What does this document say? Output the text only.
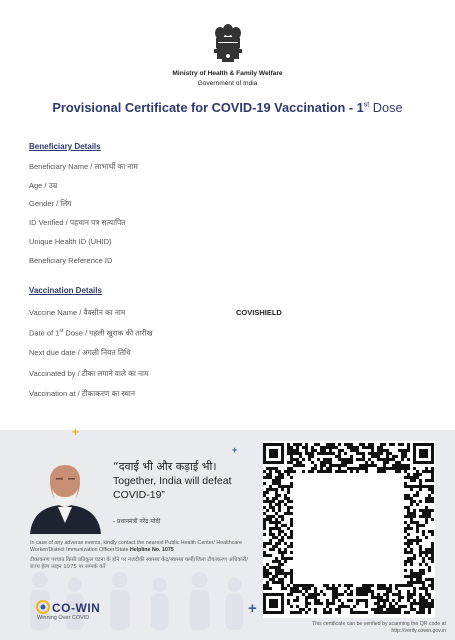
Ministry of Health & Family Welfare
Government of India
Provisional Certificate for COVID-19 Vaccination - 1st Dose
Beneficiary Details
Beneficiary Name / लाभार्थी का नाम
Age / उम्र
Gender / लिंग
ID Verified / पहचान पत्र सत्यापित
Unique Health ID (UHID)
Beneficiary Reference ID
Vaccination Details
Vaccine Name / वैक्सीन का नाम	COVISHIELD
Date of 1st Dose / पहली खुराक की तारीख
Next due date / अगली नियत तिथि
Vaccinated by / टीका लगाने वाले का नाम
Vaccination at / टीकाकरण का स्थान
“दवाई भी और कड़ाई भी।
Together, India will defeat COVID-19”
- प्रधानमंत्री नरेंद्र मोदी
In case of any adverse events, kindly contact the nearest Public Health Center/ Healthcare Worker/District Immunization Officer/State Helpline No. 1075
टीकाकरण पश्चात किसी प्रतिकूल घटना के होने पर नज़दीकी स्वास्थ्य केंद्र/स्वास्थ्य कर्मी/जिला टीकाकरण अधिकारी/राज्य हेल्प लाइन 1075 पर सम्पर्क करें
CO-WIN
Winning Over COVID
This certificate can be verified by scanning the QR code at
http://verify.cowin.gov.in
+
+
+
